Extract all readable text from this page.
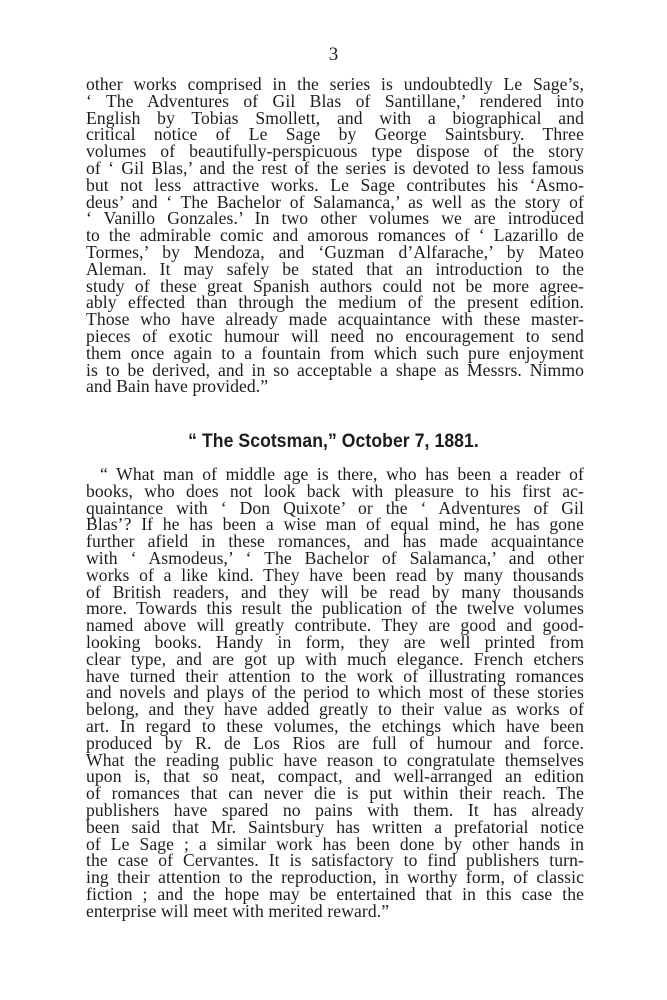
3
other works comprised in the series is undoubtedly Le Sage’s,
‘ The Adventures of Gil Blas of Santillane,’ rendered into
English by Tobias Smollett, and with a biographical and
critical notice of Le Sage by George Saintsbury. Three
volumes of beautifully-perspicuous type dispose of the story
of ‘ Gil Blas,’ and the rest of the series is devoted to less famous
but not less attractive works. Le Sage contributes his ‘Asmo-
deus’ and ‘ The Bachelor of Salamanca,’ as well as the story of
‘ Vanillo Gonzales.’ In two other volumes we are introduced
to the admirable comic and amorous romances of ‘ Lazarillo de
Tormes,’ by Mendoza, and ‘Guzman d’Alfarache,’ by Mateo
Aleman. It may safely be stated that an introduction to the
study of these great Spanish authors could not be more agree-
ably effected than through the medium of the present edition.
Those who have already made acquaintance with these master-
pieces of exotic humour will need no encouragement to send
them once again to a fountain from which such pure enjoyment
is to be derived, and in so acceptable a shape as Messrs. Nimmo
and Bain have provided.”
“ The Scotsman,” October 7, 1881.
“ What man of middle age is there, who has been a reader of
books, who does not look back with pleasure to his first ac-
quaintance with ‘ Don Quixote’ or the ‘ Adventures of Gil
Blas’? If he has been a wise man of equal mind, he has gone
further afield in these romances, and has made acquaintance
with ‘ Asmodeus,’ ‘ The Bachelor of Salamanca,’ and other
works of a like kind. They have been read by many thousands
of British readers, and they will be read by many thousands
more. Towards this result the publication of the twelve volumes
named above will greatly contribute. They are good and good-
looking books. Handy in form, they are well printed from
clear type, and are got up with much elegance. French etchers
have turned their attention to the work of illustrating romances
and novels and plays of the period to which most of these stories
belong, and they have added greatly to their value as works of
art. In regard to these volumes, the etchings which have been
produced by R. de Los Rios are full of humour and force.
What the reading public have reason to congratulate themselves
upon is, that so neat, compact, and well-arranged an edition
of romances that can never die is put within their reach. The
publishers have spared no pains with them. It has already
been said that Mr. Saintsbury has written a prefatorial notice
of Le Sage ; a similar work has been done by other hands in
the case of Cervantes. It is satisfactory to find publishers turn-
ing their attention to the reproduction, in worthy form, of classic
fiction ; and the hope may be entertained that in this case the
enterprise will meet with merited reward.”
